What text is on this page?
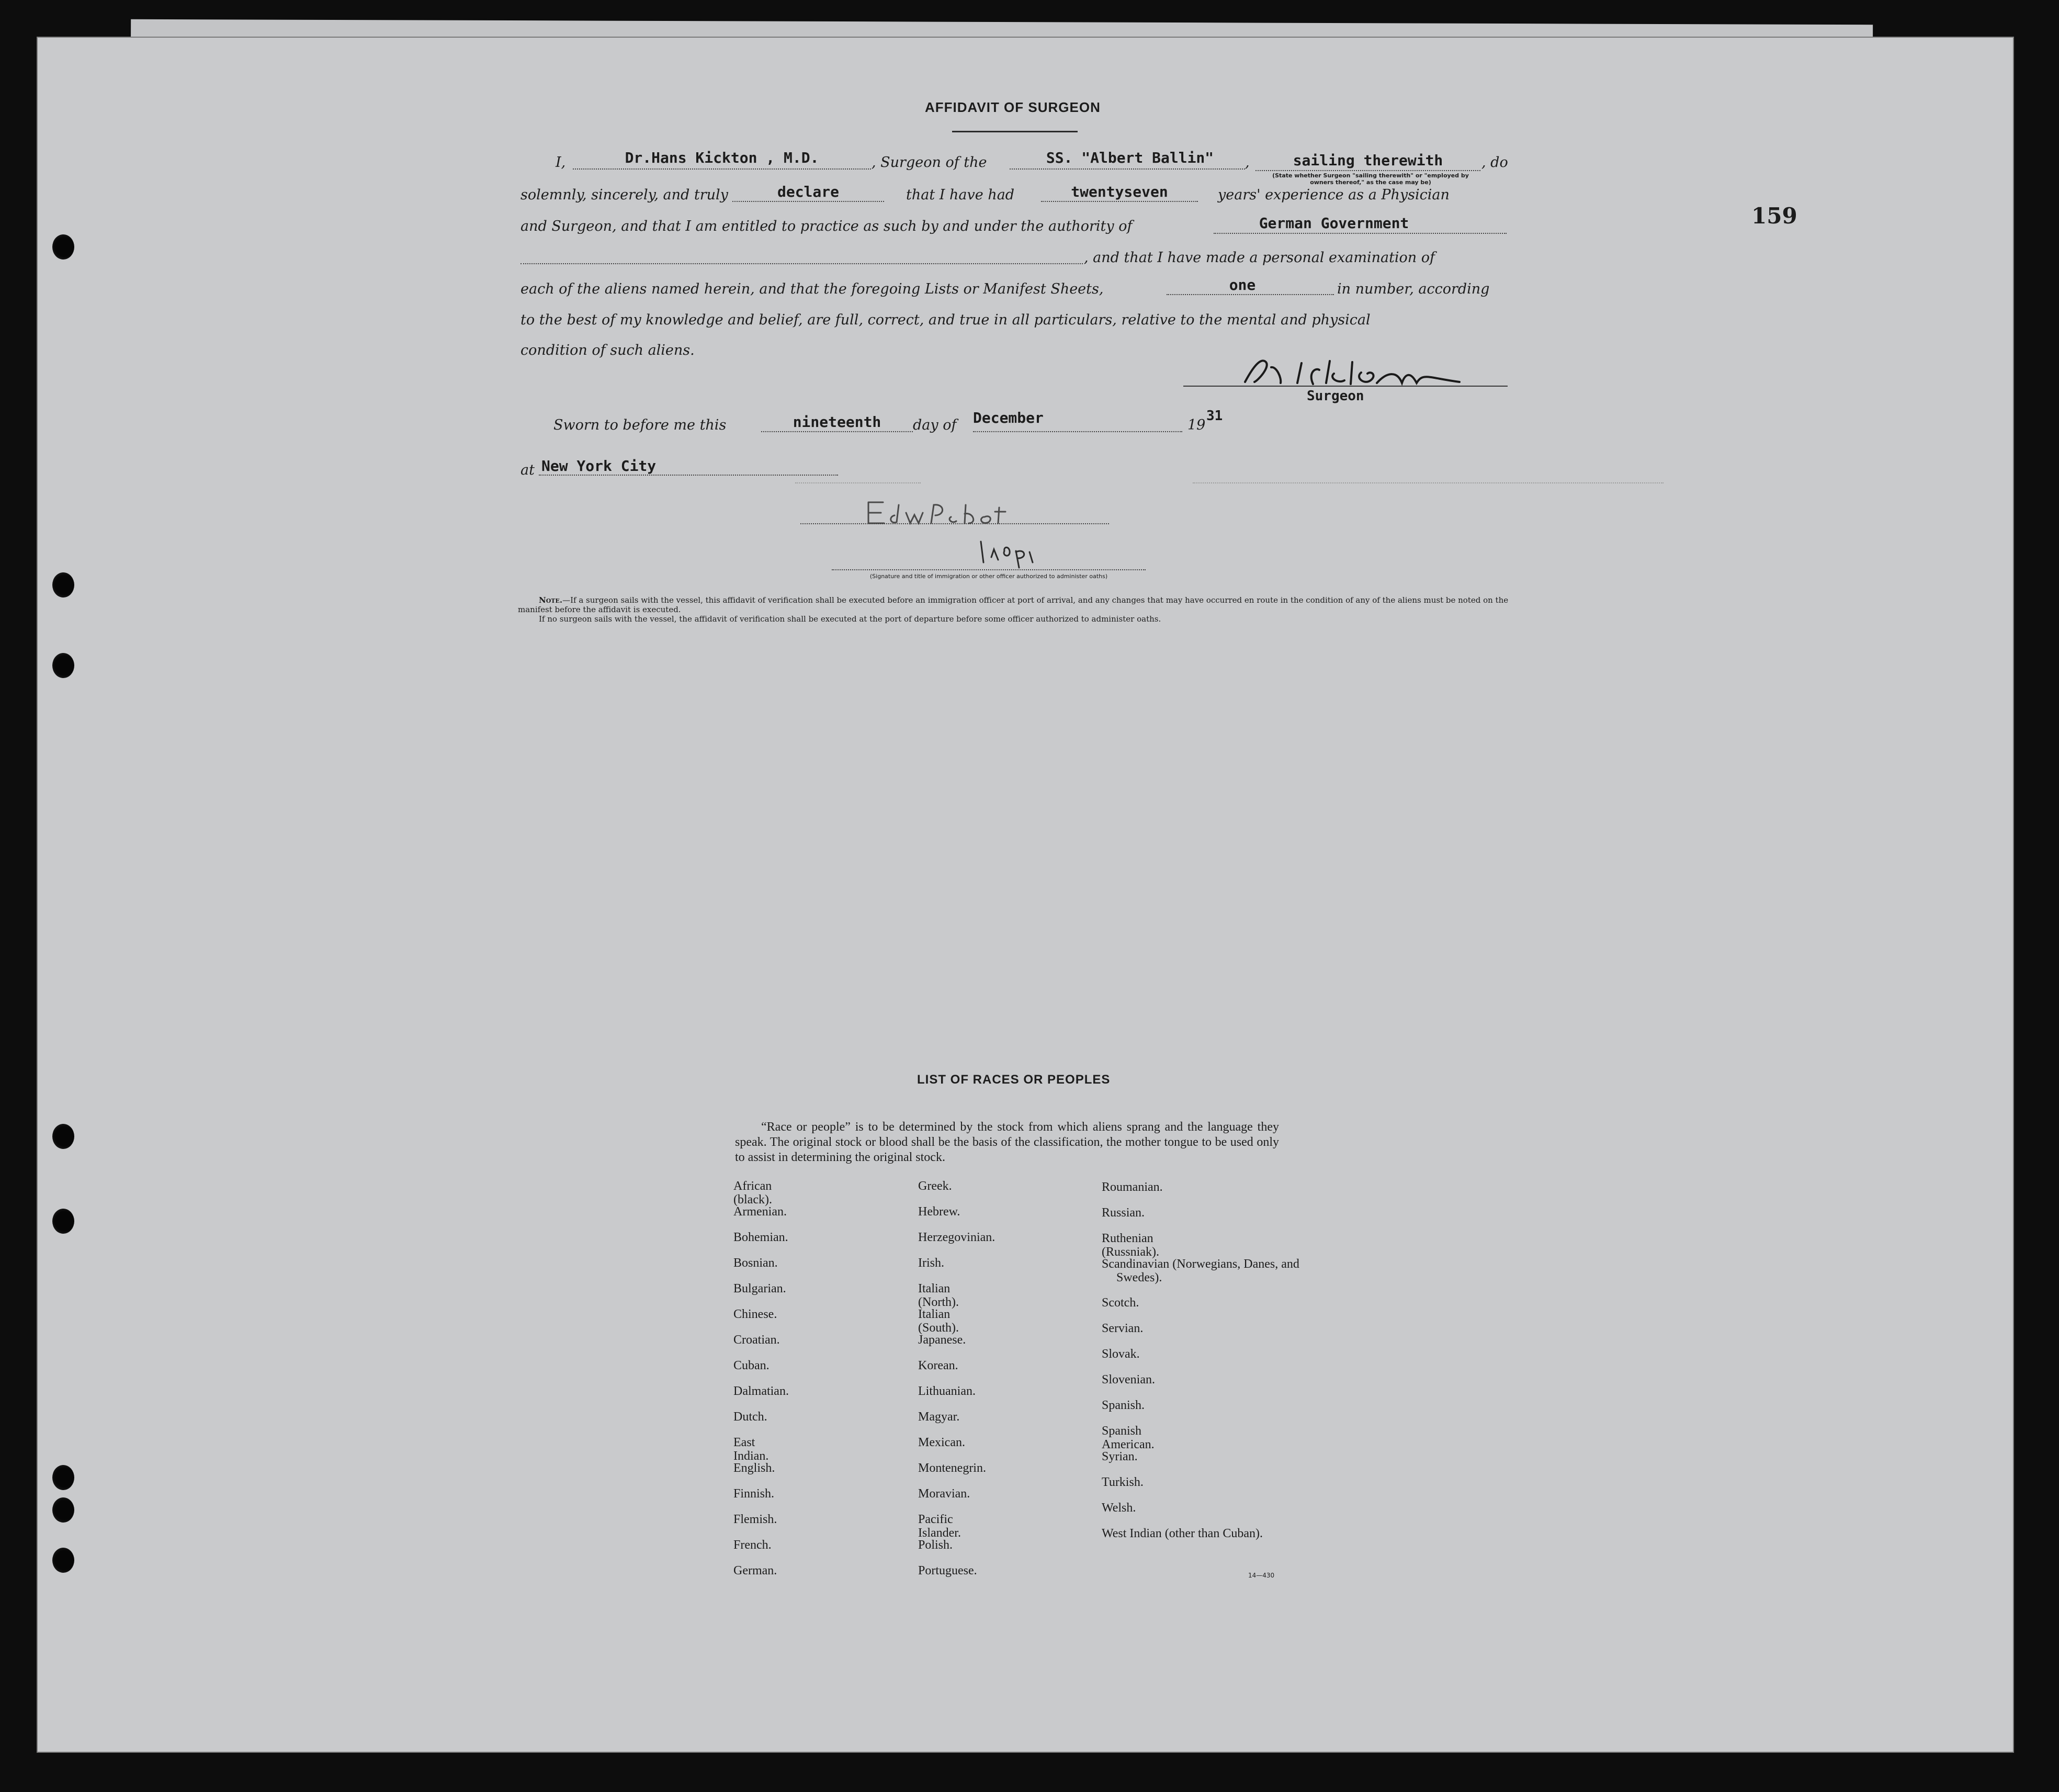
159
AFFIDAVIT OF SURGEON
I,	Dr.Hans Kickton , M.D.	, Surgeon of the	SS. "Albert Ballin"	,	sailing therewith
(State whether Surgeon "sailing therewith" or "employed by
owners thereof," as the case may be)
, do
solemnly, sincerely, and truly	declare	that I have had	twentyseven	years' experience as a Physician
and Surgeon, and that I am entitled to practice as such by and under the authority of	German Government
, and that I have made a personal examination of
each of the aliens named herein, and that the foregoing Lists or Manifest Sheets,	one	in number, according
to the best of my knowledge and belief, are full, correct, and true in all particulars, relative to the mental and physical
condition of such aliens.
Surgeon
Sworn to before me this	nineteenth	day of December	19
31
at New York City
(Signature and title of immigration or other officer authorized to administer oaths)
Note.—If a surgeon sails with the vessel, this affidavit of verification shall be executed before an immigration officer at port of arrival, and any changes that may have occurred en route in the condition of any of the aliens must be noted on the manifest before the affidavit is executed.
If no surgeon sails with the vessel, the affidavit of verification shall be executed at the port of departure before some officer authorized to administer oaths.
LIST OF RACES OR PEOPLES
“Race or people” is to be determined by the stock from which aliens sprang and the language they speak. The original stock or blood shall be the basis of the classification, the mother tongue to be used only to assist in determining the original stock.
African (black).
Armenian.
Bohemian.
Bosnian.
Bulgarian.
Chinese.
Croatian.
Cuban.
Dalmatian.
Dutch.
East Indian.
English.
Finnish.
Flemish.
French.
German.
Greek.
Hebrew.
Herzegovinian.
Irish.
Italian (North).
Italian (South).
Japanese.
Korean.
Lithuanian.
Magyar.
Mexican.
Montenegrin.
Moravian.
Pacific Islander.
Polish.
Portuguese.
Roumanian.
Russian.
Ruthenian (Russniak).
Scandinavian (Norwegians, Danes, and Swedes).
Scotch.
Servian.
Slovak.
Slovenian.
Spanish.
Spanish American.
Syrian.
Turkish.
Welsh.
West Indian (other than Cuban).
14—430
